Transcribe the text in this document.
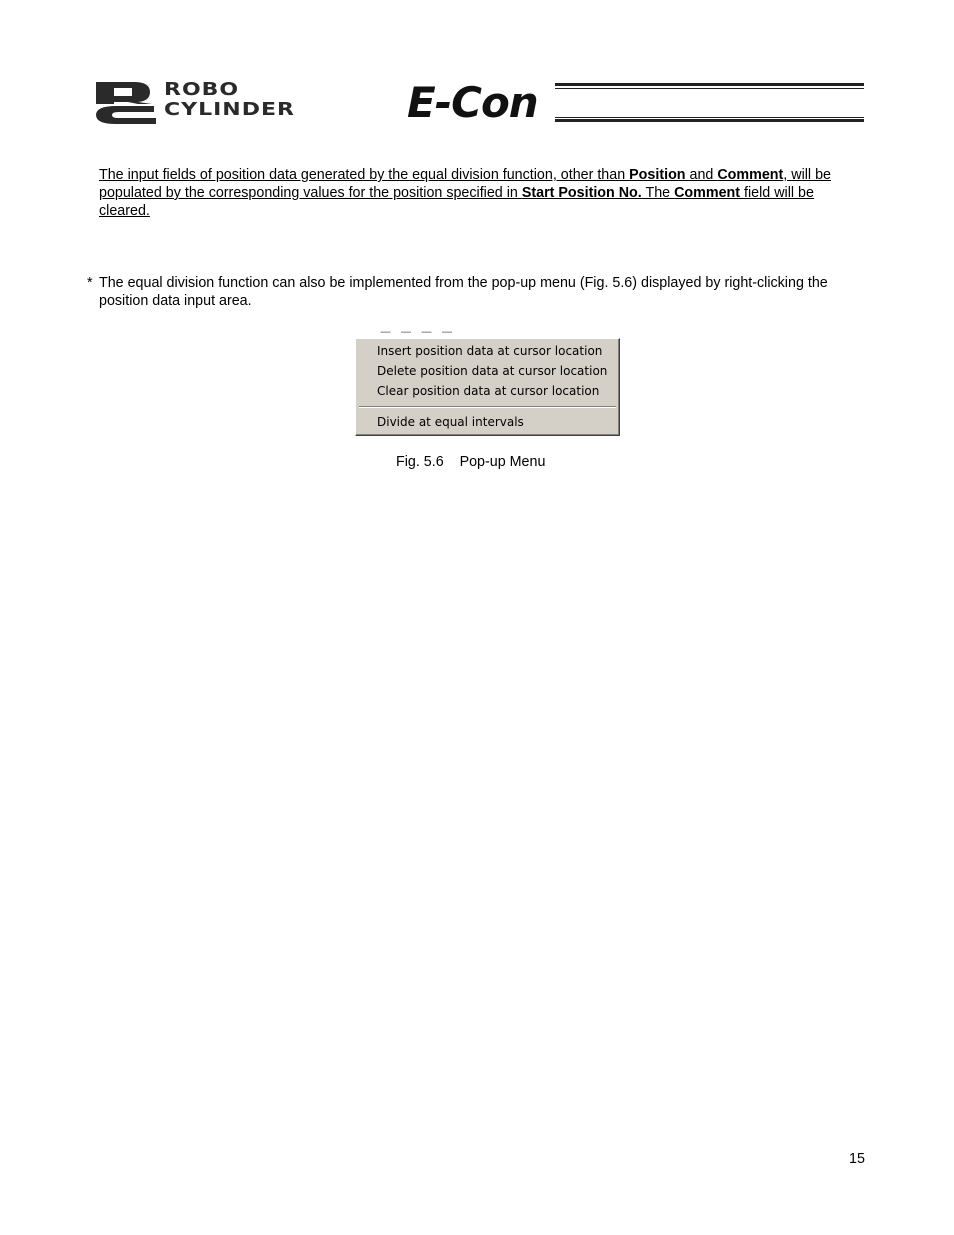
ROBO
CYLINDER	E-Con
The input fields of position data generated by the equal division function, other than Position and Comment, will be populated by the corresponding values for the position specified in Start Position No. The Comment field will be cleared.
* The equal division function can also be implemented from the pop-up menu (Fig. 5.6) displayed by right-clicking the position data input area.
— — — —
Insert position data at cursor location
Delete position data at cursor location
Clear position data at cursor location
Divide at equal intervals
Fig. 5.6    Pop-up Menu
15
